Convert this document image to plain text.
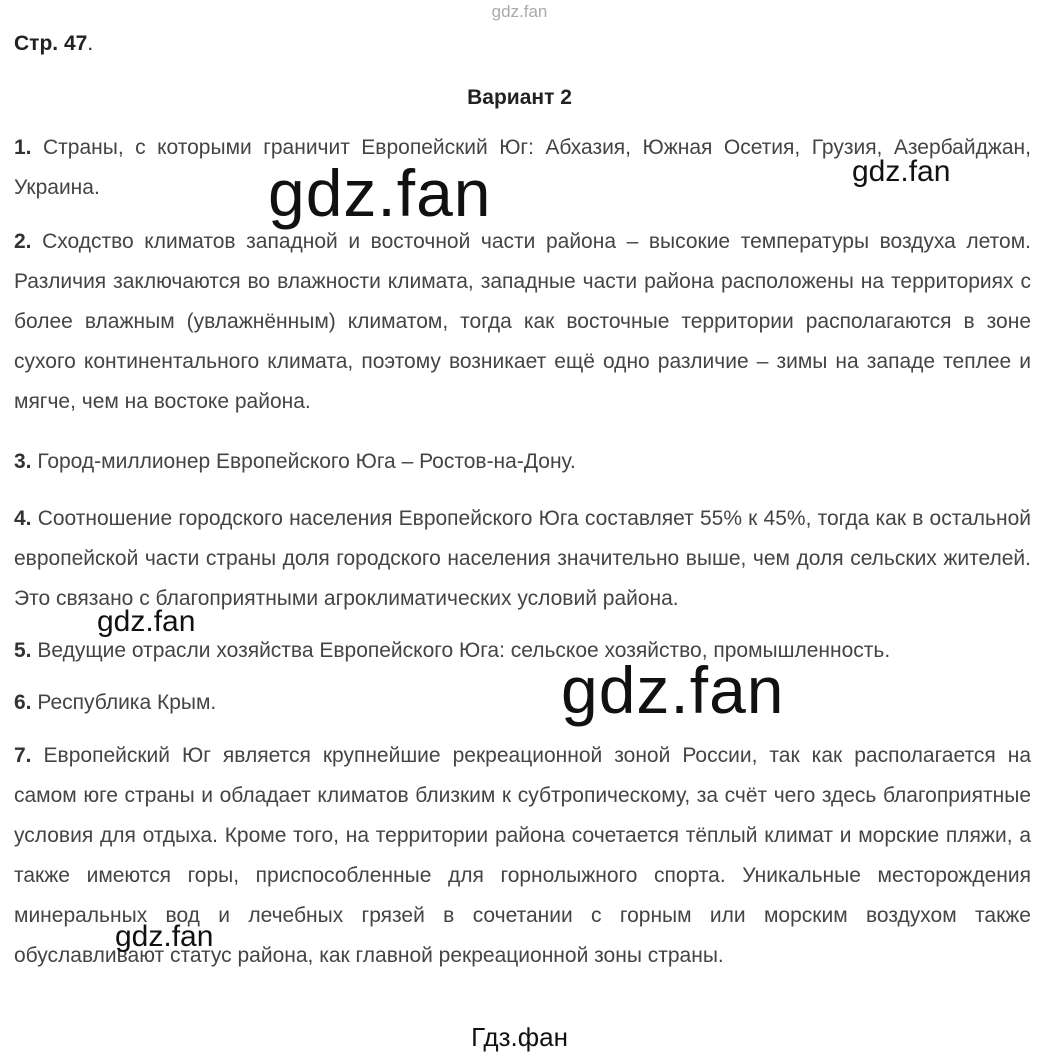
gdz.fan
Стр. 47.
Вариант 2
1. Страны, с которыми граничит Европейский Юг: Абхазия, Южная Осетия, Грузия, Азербайджан, Украина.
2. Сходство климатов западной и восточной части района – высокие температуры воздуха летом. Различия заключаются во влажности климата, западные части района расположены на территориях с более влажным (увлажнённым) климатом, тогда как восточные территории располагаются в зоне сухого континентального климата, поэтому возникает ещё одно различие – зимы на западе теплее и мягче, чем на востоке района.
3. Город-миллионер Европейского Юга – Ростов-на-Дону.
4. Соотношение городского населения Европейского Юга составляет 55% к 45%, тогда как в остальной европейской части страны доля городского населения значительно выше, чем доля сельских жителей. Это связано с благоприятными агроклиматических условий района.
5. Ведущие отрасли хозяйства Европейского Юга: сельское хозяйство, промышленность.
6. Республика Крым.
7. Европейский Юг является крупнейшие рекреационной зоной России, так как располагается на самом юге страны и обладает климатов близким к субтропическому, за счёт чего здесь благоприятные условия для отдыха. Кроме того, на территории района сочетается тёплый климат и морские пляжи, а также имеются горы, приспособленные для горнолыжного спорта. Уникальные месторождения минеральных вод и лечебных грязей в сочетании с горным или морским воздухом также обуславливают статус района, как главной рекреационной зоны страны.
gdz.fan	gdz.fan
gdz.fan
gdz.fan
gdz.fan
Гдз.фан
